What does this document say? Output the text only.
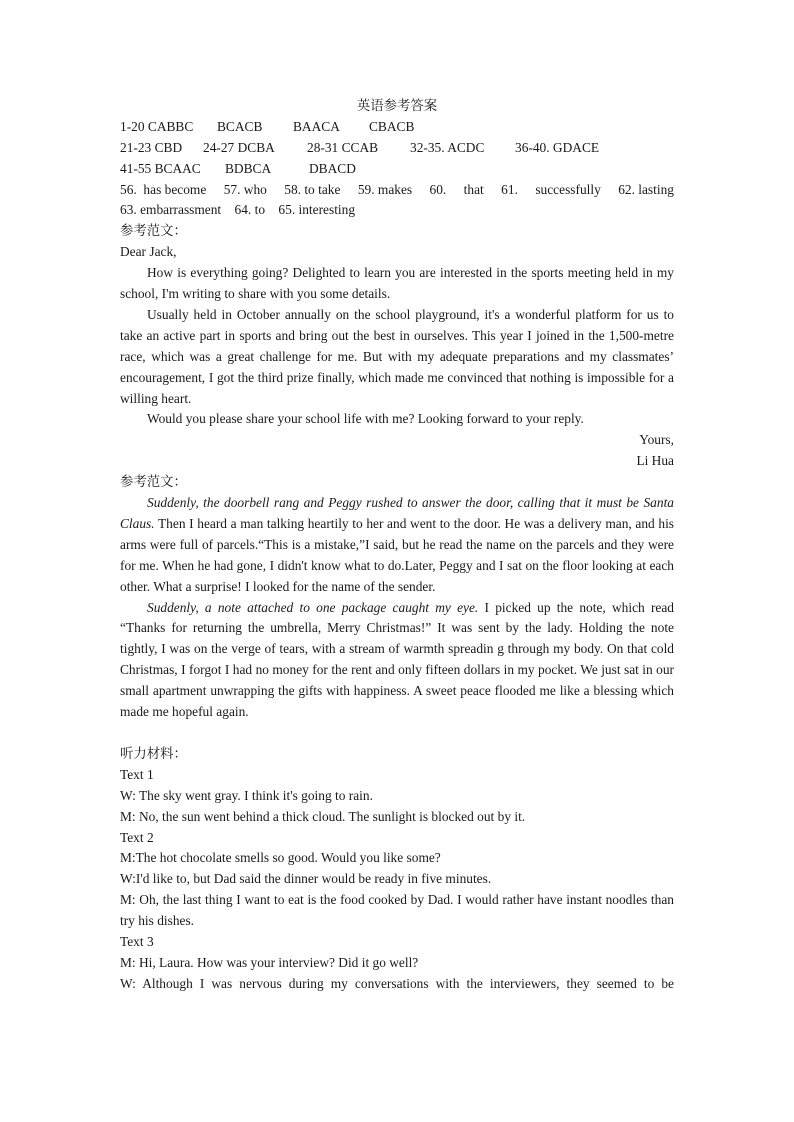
英语参考答案
1-20 CABBC	BCACB	BAACA	CBACB
21-23 CBD	24-27 DCBA	28-31 CCAB	32-35. ACDC	36-40. GDACE
41-55 BCAAC	BDBCA	DBACD
56.  has become 57. who 58. to take 59. makes 60. that 61. successfully 62. lasting
63. embarrassment    64. to    65. interesting
参考范文：
Dear Jack,
How is everything going? Delighted to learn you are interested in the sports meeting held in my school, I'm writing to share with you some details.
Usually held in October annually on the school playground, it's a wonderful platform for us to take an active part in sports and bring out the best in ourselves. This year I joined in the 1,500-metre race, which was a great challenge for me. But with my adequate preparations and my classmates’ encouragement, I got the third prize finally, which made me convinced that nothing is impossible for a willing heart.
Would you please share your school life with me? Looking forward to your reply.
Yours,
Li Hua
参考范文：
Suddenly, the doorbell rang and Peggy rushed to answer the door, calling that it must be Santa Claus. Then I heard a man talking heartily to her and went to the door. He was a delivery man, and his arms were full of parcels.“This is a mistake,”I said, but he read the name on the parcels and they were for me. When he had gone, I didn't know what to do.Later, Peggy and I sat on the floor looking at each other. What a surprise! I looked for the name of the sender.
Suddenly, a note attached to one package caught my eye. I picked up the note, which read “Thanks for returning the umbrella, Merry Christmas!” It was sent by the lady. Holding the note tightly, I was on the verge of tears, with a stream of warmth spreadin g through my body. On that cold Christmas, I forgot I had no money for the rent and only fifteen dollars in my pocket. We just sat in our small apartment unwrapping the gifts with happiness. A sweet peace flooded me like a blessing which made me hopeful again.
听力材料：
Text 1
W: The sky went gray. I think it's going to rain.
M: No, the sun went behind a thick cloud. The sunlight is blocked out by it.
Text 2
M:The hot chocolate smells so good. Would you like some?
W:I'd like to, but Dad said the dinner would be ready in five minutes.
M: Oh, the last thing I want to eat is the food cooked by Dad. I would rather have instant noodles than try his dishes.
Text 3
M: Hi, Laura. How was your interview? Did it go well?
W: Although I was nervous during my conversations with the interviewers, they seemed to be
